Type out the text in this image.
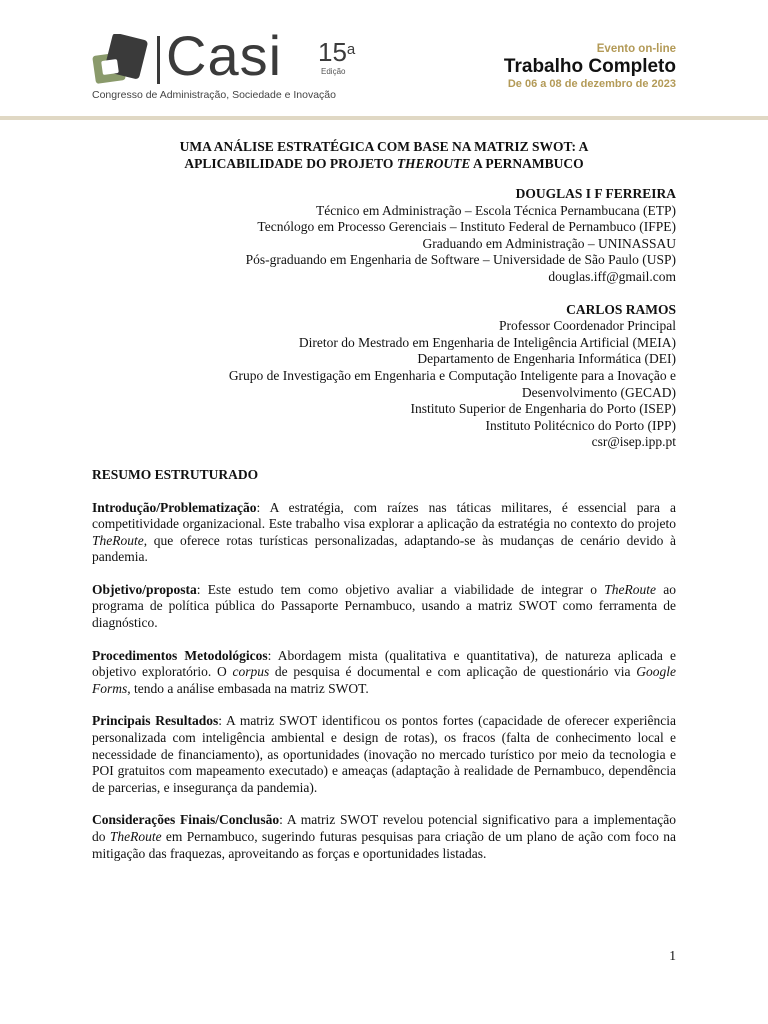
Casi 15$^a$
Edição
Congresso de Administração, Sociedade e Inovação
Evento on-line
Trabalho Completo
De 06 a 08 de dezembro de 2023
UMA ANÁLISE ESTRATÉGICA COM BASE NA MATRIZ SWOT: A
APLICABILIDADE DO PROJETO THEROUTE A PERNAMBUCO
DOUGLAS I F FERREIRA
Técnico em Administração – Escola Técnica Pernambucana (ETP)
Tecnólogo em Processo Gerenciais – Instituto Federal de Pernambuco (IFPE)
Graduando em Administração – UNINASSAU
Pós-graduando em Engenharia de Software – Universidade de São Paulo (USP)
douglas.iff@gmail.com
CARLOS RAMOS
Professor Coordenador Principal
Diretor do Mestrado em Engenharia de Inteligência Artificial (MEIA)
Departamento de Engenharia Informática (DEI)
Grupo de Investigação em Engenharia e Computação Inteligente para a Inovação e
Desenvolvimento (GECAD)
Instituto Superior de Engenharia do Porto (ISEP)
Instituto Politécnico do Porto (IPP)
csr@isep.ipp.pt
RESUMO ESTRUTURADO

Introdução/Problematização: A estratégia, com raízes nas táticas militares, é essencial para a competitividade organizacional. Este trabalho visa explorar a aplicação da estratégia no contexto do projeto TheRoute, que oferece rotas turísticas personalizadas, adaptando-se às mudanças de cenário devido à pandemia.

Objetivo/proposta: Este estudo tem como objetivo avaliar a viabilidade de integrar o TheRoute ao programa de política pública do Passaporte Pernambuco, usando a matriz SWOT como ferramenta de diagnóstico.

Procedimentos Metodológicos: Abordagem mista (qualitativa e quantitativa), de natureza aplicada e objetivo exploratório. O corpus de pesquisa é documental e com aplicação de questionário via Google Forms, tendo a análise embasada na matriz SWOT.

Principais Resultados: A matriz SWOT identificou os pontos fortes (capacidade de oferecer experiência personalizada com inteligência ambiental e design de rotas), os fracos (falta de conhecimento local e necessidade de financiamento), as oportunidades (inovação no mercado turístico por meio da tecnologia e POI gratuitos com mapeamento executado) e ameaças (adaptação à realidade de Pernambuco, dependência de parcerias, e insegurança da pandemia).

Considerações Finais/Conclusão: A matriz SWOT revelou potencial significativo para a implementação do TheRoute em Pernambuco, sugerindo futuras pesquisas para criação de um plano de ação com foco na mitigação das fraquezas, aproveitando as forças e oportunidades listadas.

1
